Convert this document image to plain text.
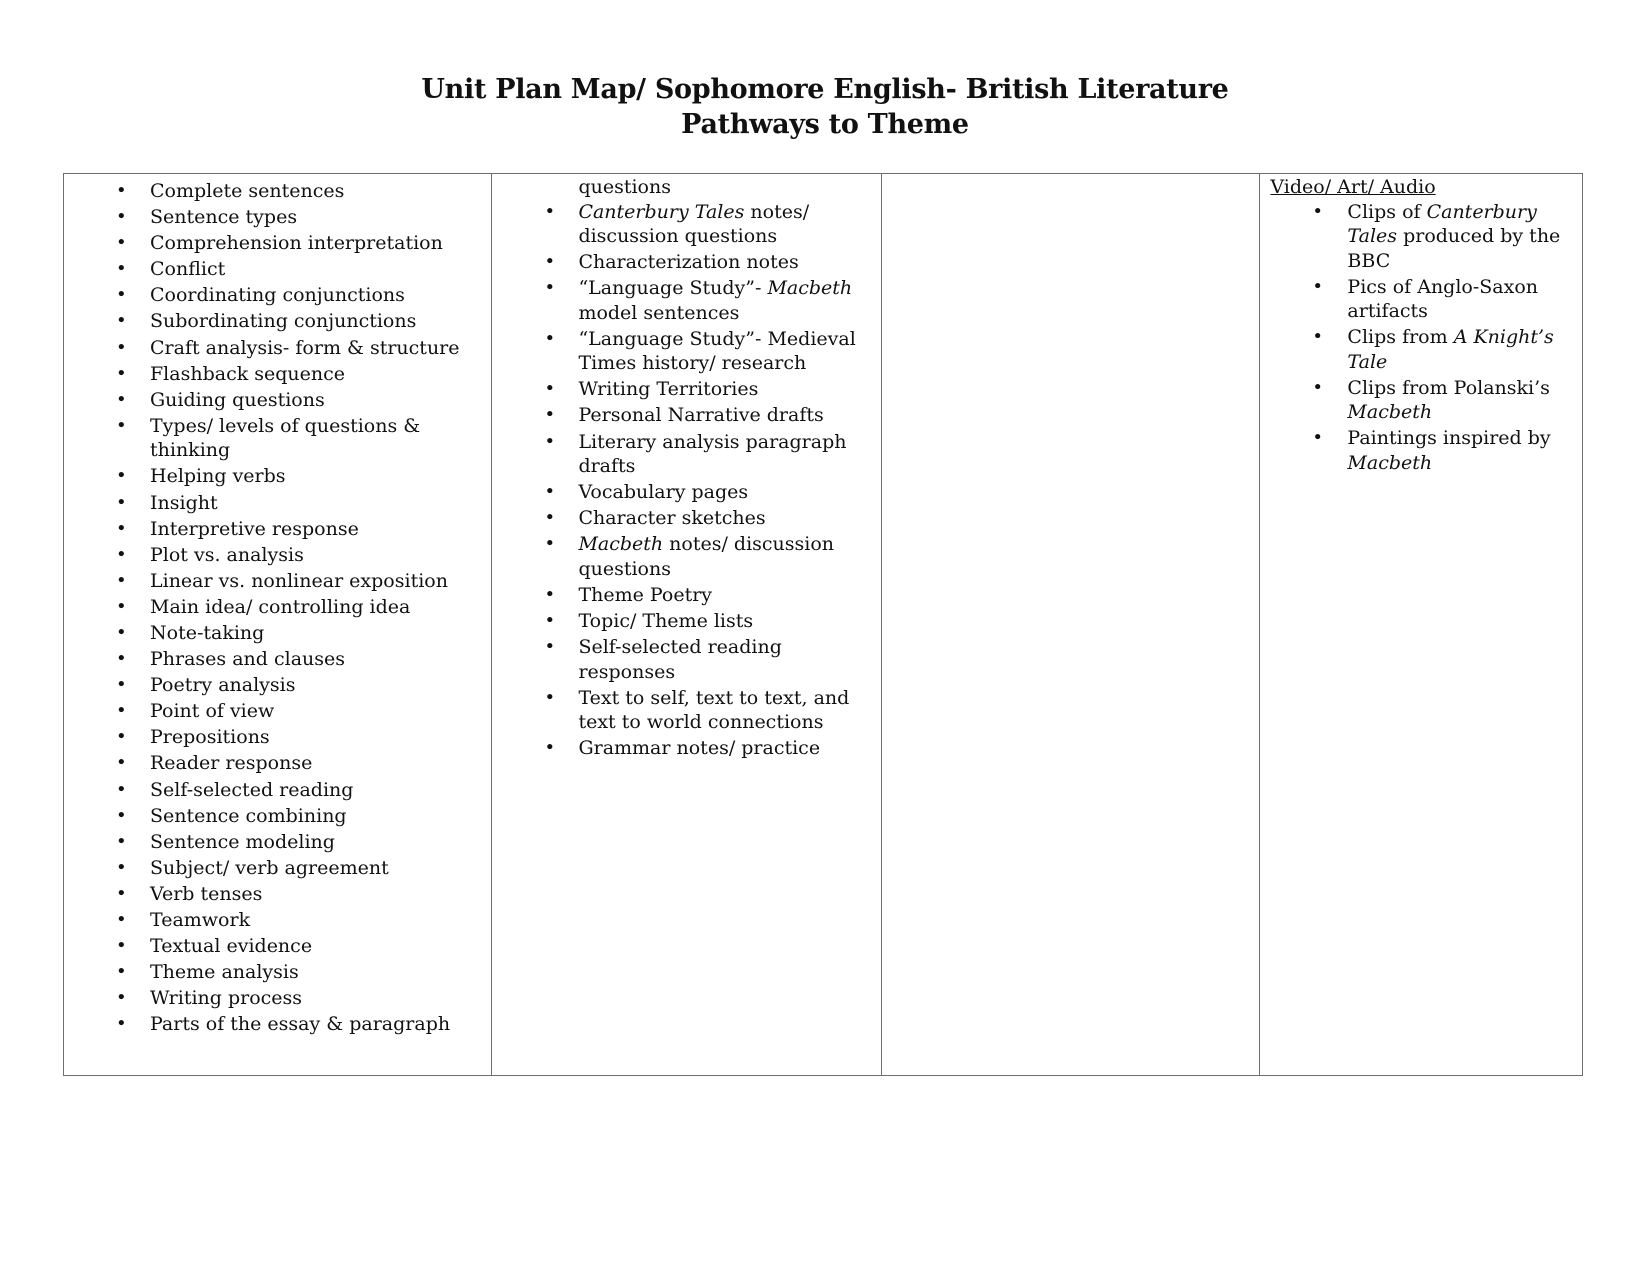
Unit Plan Map/ Sophomore English- British Literature
Pathways to Theme
• Complete sentences
• Sentence types
• Comprehension interpretation
• Conflict
• Coordinating conjunctions
• Subordinating conjunctions
• Craft analysis- form & structure
• Flashback sequence
• Guiding questions
• Types/ levels of questions & thinking
• Helping verbs
• Insight
• Interpretive response
• Plot vs. analysis
• Linear vs. nonlinear exposition
• Main idea/ controlling idea
• Note-taking
• Phrases and clauses
• Poetry analysis
• Point of view
• Prepositions
• Reader response
• Self-selected reading
• Sentence combining
• Sentence modeling
• Subject/ verb agreement
• Verb tenses
• Teamwork
• Textual evidence
• Theme analysis
• Writing process
• Parts of the essay & paragraph
questions
• Canterbury Tales notes/ discussion questions
• Characterization notes
• “Language Study”- Macbeth model sentences
• “Language Study”- Medieval Times history/ research
• Writing Territories
• Personal Narrative drafts
• Literary analysis paragraph drafts
• Vocabulary pages
• Character sketches
• Macbeth notes/ discussion questions
• Theme Poetry
• Topic/ Theme lists
• Self-selected reading responses
• Text to self, text to text, and text to world connections
• Grammar notes/ practice
Video/ Art/ Audio
• Clips of Canterbury Tales produced by the BBC
• Pics of Anglo-Saxon artifacts
• Clips from A Knight’s Tale
• Clips from Polanski’s Macbeth
• Paintings inspired by Macbeth
